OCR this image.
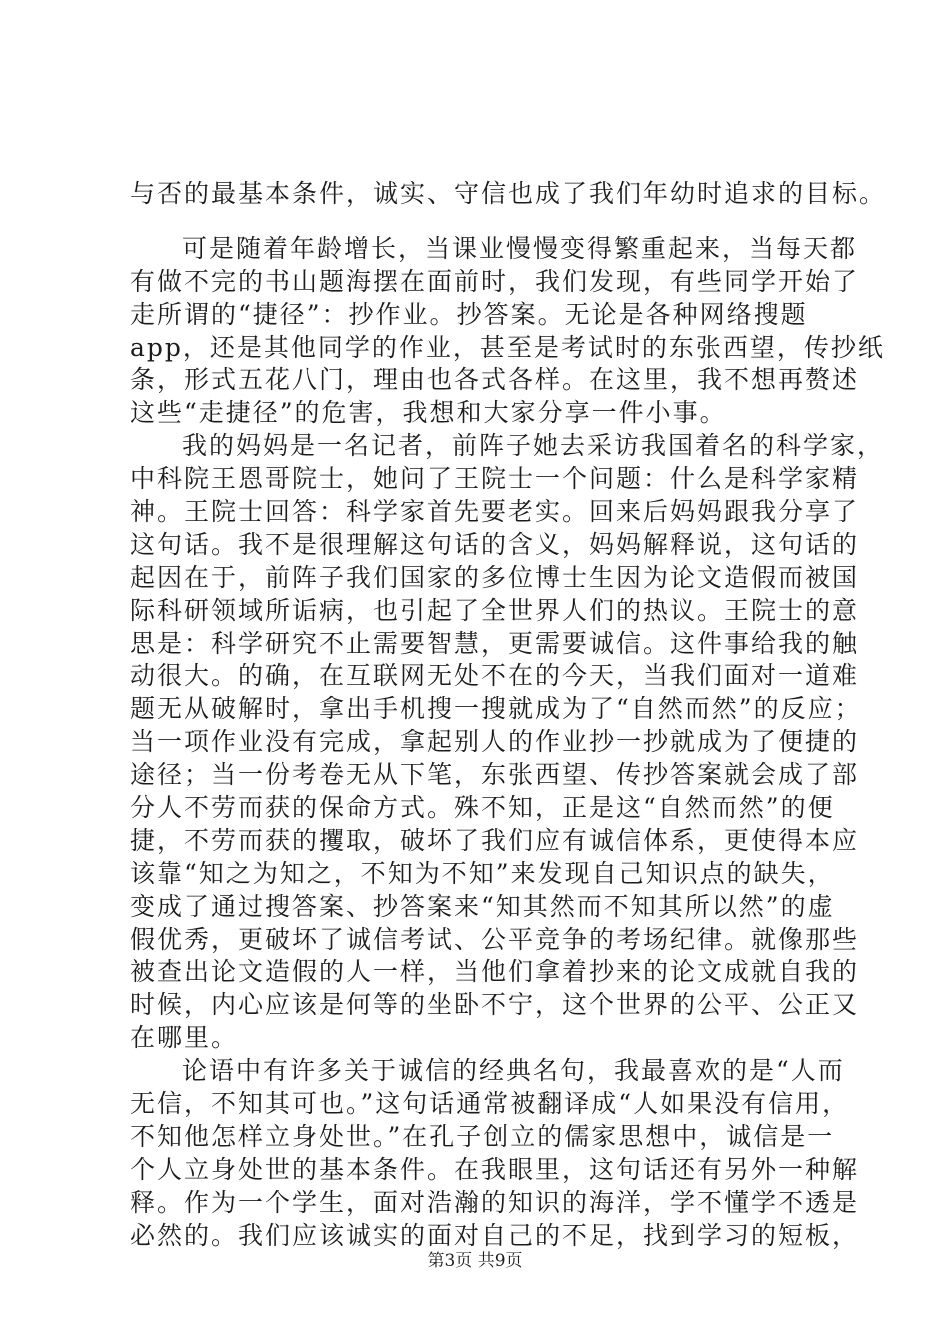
与否的最基本条件，诚实、守信也成了我们年幼时追求的目标。
可是随着年龄增长，当课业慢慢变得繁重起来，当每天都
有做不完的书山题海摆在面前时，我们发现，有些同学开始了
走所谓的“捷径”：抄作业。抄答案。无论是各种网络搜题
app，还是其他同学的作业，甚至是考试时的东张西望，传抄纸
条，形式五花八门，理由也各式各样。在这里，我不想再赘述
这些“走捷径”的危害，我想和大家分享一件小事。
我的妈妈是一名记者，前阵子她去采访我国着名的科学家，
中科院王恩哥院士，她问了王院士一个问题：什么是科学家精
神。王院士回答：科学家首先要老实。回来后妈妈跟我分享了
这句话。我不是很理解这句话的含义，妈妈解释说，这句话的
起因在于，前阵子我们国家的多位博士生因为论文造假而被国
际科研领域所诟病，也引起了全世界人们的热议。王院士的意
思是：科学研究不止需要智慧，更需要诚信。这件事给我的触
动很大。的确，在互联网无处不在的今天，当我们面对一道难
题无从破解时，拿出手机搜一搜就成为了“自然而然”的反应；
当一项作业没有完成，拿起别人的作业抄一抄就成为了便捷的
途径；当一份考卷无从下笔，东张西望、传抄答案就会成了部
分人不劳而获的保命方式。殊不知，正是这“自然而然”的便
捷，不劳而获的攫取，破坏了我们应有诚信体系，更使得本应
该靠“知之为知之，不知为不知”来发现自己知识点的缺失，
变成了通过搜答案、抄答案来“知其然而不知其所以然”的虚
假优秀，更破坏了诚信考试、公平竞争的考场纪律。就像那些
被查出论文造假的人一样，当他们拿着抄来的论文成就自我的
时候，内心应该是何等的坐卧不宁，这个世界的公平、公正又
在哪里。
论语中有许多关于诚信的经典名句，我最喜欢的是“人而
无信，不知其可也。”这句话通常被翻译成“人如果没有信用，
不知他怎样立身处世。”在孔子创立的儒家思想中，诚信是一
个人立身处世的基本条件。在我眼里，这句话还有另外一种解
释。作为一个学生，面对浩瀚的知识的海洋，学不懂学不透是
必然的。我们应该诚实的面对自己的不足，找到学习的短板，
第3页 共9页
